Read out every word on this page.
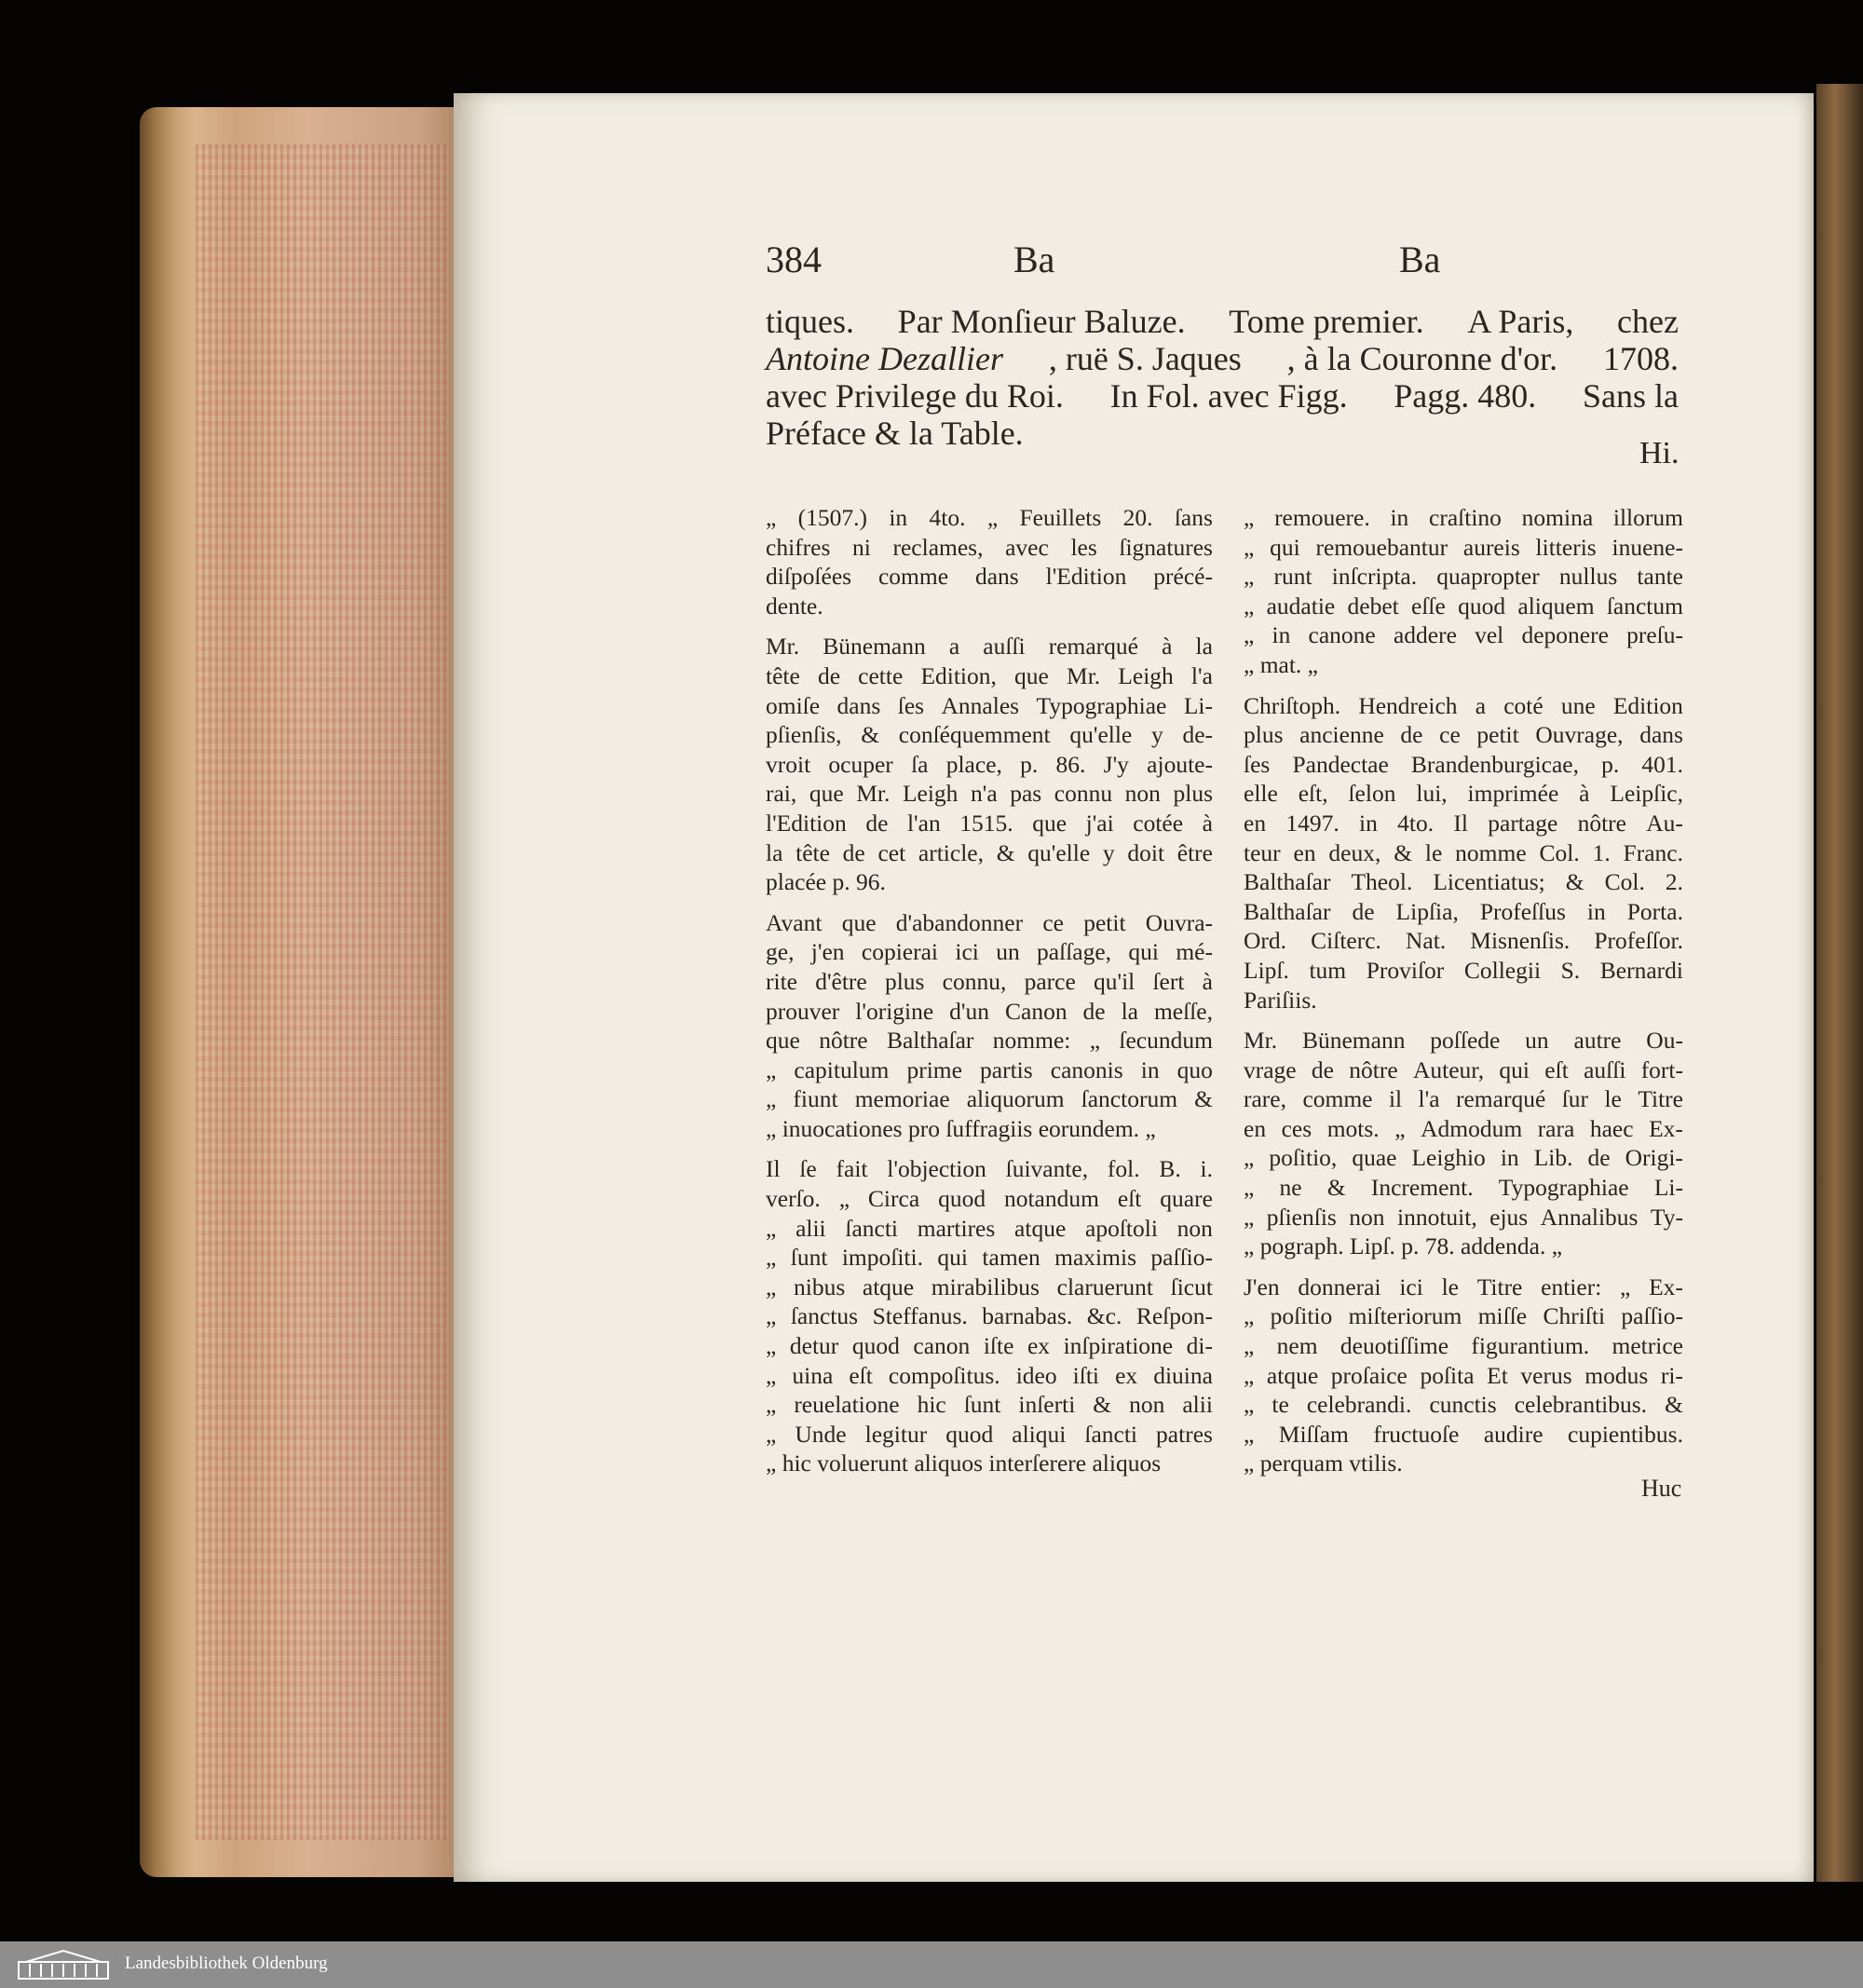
384	Ba	Ba
tiques. Par Monſieur Baluze. Tome premier. A Paris, chez
Antoine Dezallier , ruë S. Jaques , à la Couronne d'or. 1708.
avec Privilege du Roi. In Fol. avec Figg. Pagg. 480. Sans la
Préface & la Table.
Hi.
„ (1507.) in 4to. „ Feuillets 20. ſans
chifres ni reclames, avec les ſignatures
diſpoſées comme dans l'Edition précé-
dente.
Mr. Bünemann a auſſi remarqué à la
tête de cette Edition, que Mr. Leigh l'a
omiſe dans ſes Annales Typographiae Li-
pſienſis, & conſéquemment qu'elle y de-
vroit ocuper ſa place, p. 86. J'y ajoute-
rai, que Mr. Leigh n'a pas connu non plus
l'Edition de l'an 1515. que j'ai cotée à
la tête de cet article, & qu'elle y doit être
placée p. 96.
Avant que d'abandonner ce petit Ouvra-
ge, j'en copierai ici un paſſage, qui mé-
rite d'être plus connu, parce qu'il ſert à
prouver l'origine d'un Canon de la meſſe,
que nôtre Balthaſar nomme: „ ſecundum
„ capitulum prime partis canonis in quo
„ fiunt memoriae aliquorum ſanctorum &
„ inuocationes pro ſuffragiis eorundem. „
Il ſe fait l'objection ſuivante, fol. B. i.
verſo. „ Circa quod notandum eſt quare
„ alii ſancti martires atque apoſtoli non
„ ſunt impoſiti. qui tamen maximis paſſio-
„ nibus atque mirabilibus claruerunt ſicut
„ ſanctus Steffanus. barnabas. &c. Reſpon-
„ detur quod canon iſte ex inſpiratione di-
„ uina eſt compoſitus. ideo iſti ex diuina
„ reuelatione hic ſunt inſerti & non alii
„ Unde legitur quod aliqui ſancti patres
„ hic voluerunt aliquos interſerere aliquos
„ remouere. in craſtino nomina illorum
„ qui remouebantur aureis litteris inuene-
„ runt inſcripta. quapropter nullus tante
„ audatie debet eſſe quod aliquem ſanctum
„ in canone addere vel deponere preſu-
„ mat. „
Chriſtoph. Hendreich a coté une Edition
plus ancienne de ce petit Ouvrage, dans
ſes Pandectae Brandenburgicae, p. 401.
elle eſt, ſelon lui, imprimée à Leipſic,
en 1497. in 4to. Il partage nôtre Au-
teur en deux, & le nomme Col. 1. Franc.
Balthaſar Theol. Licentiatus; & Col. 2.
Balthaſar de Lipſia, Profeſſus in Porta.
Ord. Ciſterc. Nat. Misnenſis. Profeſſor.
Lipſ. tum Proviſor Collegii S. Bernardi
Pariſiis.
Mr. Bünemann poſſede un autre Ou-
vrage de nôtre Auteur, qui eſt auſſi fort-
rare, comme il l'a remarqué ſur le Titre
en ces mots. „ Admodum rara haec Ex-
„ poſitio, quae Leighio in Lib. de Origi-
„ ne & Increment. Typographiae Li-
„ pſienſis non innotuit, ejus Annalibus Ty-
„ pograph. Lipſ. p. 78. addenda. „
J'en donnerai ici le Titre entier: „ Ex-
„ poſitio miſteriorum miſſe Chriſti paſſio-
„ nem deuotiſſime figurantium. metrice
„ atque proſaice poſita Et verus modus ri-
„ te celebrandi. cunctis celebrantibus. &
„ Miſſam fructuoſe audire cupientibus.
„ perquam vtilis.
Huc
Landesbibliothek Oldenburg
